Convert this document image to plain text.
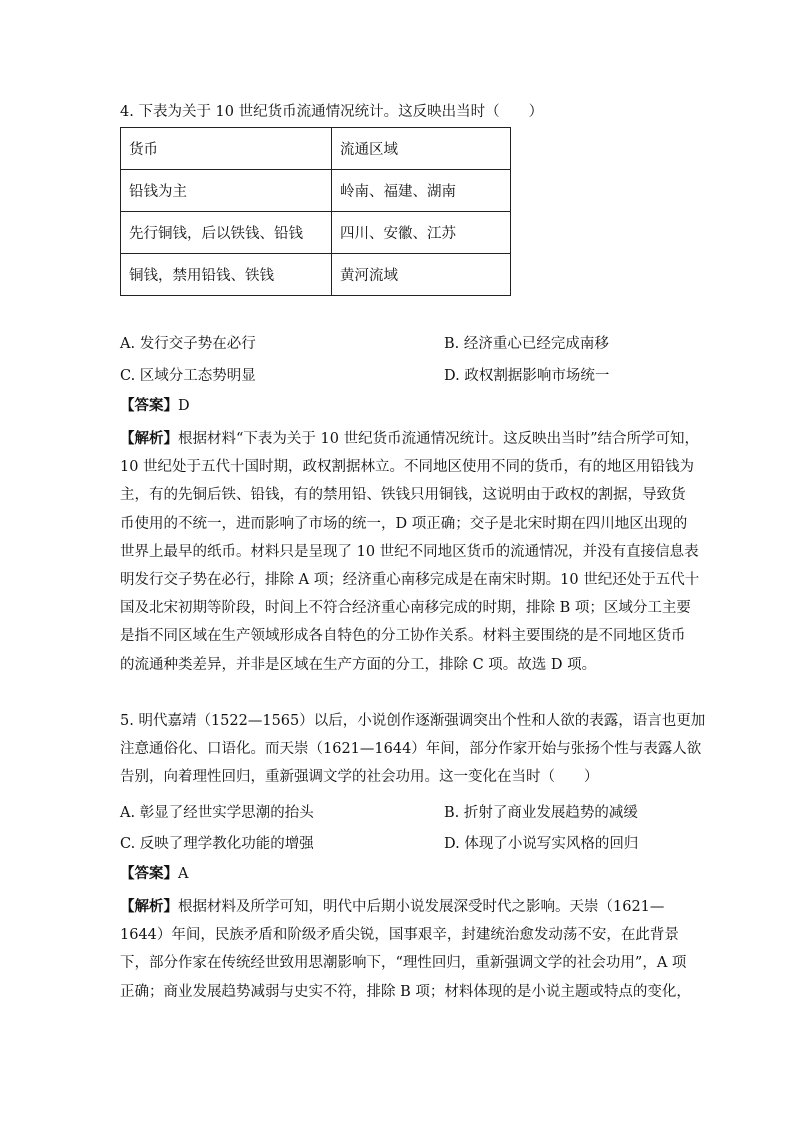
4. 下表为关于 10 世纪货币流通情况统计。这反映出当时（　　）
货币	流通区域
铅钱为主	岭南、福建、湖南
先行铜钱，后以铁钱、铅钱	四川、安徽、江苏
铜钱，禁用铅钱、铁钱	黄河流域
A. 发行交子势在必行	B. 经济重心已经完成南移
C. 区域分工态势明显	D. 政权割据影响市场统一
【答案】D

【解析】根据材料“下表为关于 10 世纪货币流通情况统计。这反映出当时”结合所学可知，

10 世纪处于五代十国时期，政权割据林立。不同地区使用不同的货币，有的地区用铅钱为

主，有的先铜后铁、铅钱，有的禁用铅、铁钱只用铜钱，这说明由于政权的割据，导致货

币使用的不统一，进而影响了市场的统一，D 项正确；交子是北宋时期在四川地区出现的

世界上最早的纸币。材料只是呈现了 10 世纪不同地区货币的流通情况，并没有直接信息表

明发行交子势在必行，排除 A 项；经济重心南移完成是在南宋时期。10 世纪还处于五代十

国及北宋初期等阶段，时间上不符合经济重心南移完成的时期，排除 B 项；区域分工主要

是指不同区域在生产领域形成各自特色的分工协作关系。材料主要围绕的是不同地区货币

的流通种类差异，并非是区域在生产方面的分工，排除 C 项。故选 D 项。

5. 明代嘉靖（1522—1565）以后，小说创作逐渐强调突出个性和人欲的表露，语言也更加

注意通俗化、口语化。而天崇（1621—1644）年间，部分作家开始与张扬个性与表露人欲

告别，向着理性回归，重新强调文学的社会功用。这一变化在当时（　　）

A. 彰显了经世实学思潮的抬头	B. 折射了商业发展趋势的减缓
C. 反映了理学教化功能的增强	D. 体现了小说写实风格的回归
【答案】A

【解析】根据材料及所学可知，明代中后期小说发展深受时代之影响。天崇（1621—

1644）年间，民族矛盾和阶级矛盾尖锐，国事艰辛，封建统治愈发动荡不安，在此背景

下，部分作家在传统经世致用思潮影响下，“理性回归，重新强调文学的社会功用”，A 项

正确；商业发展趋势减弱与史实不符，排除 B 项；材料体现的是小说主题或特点的变化，
